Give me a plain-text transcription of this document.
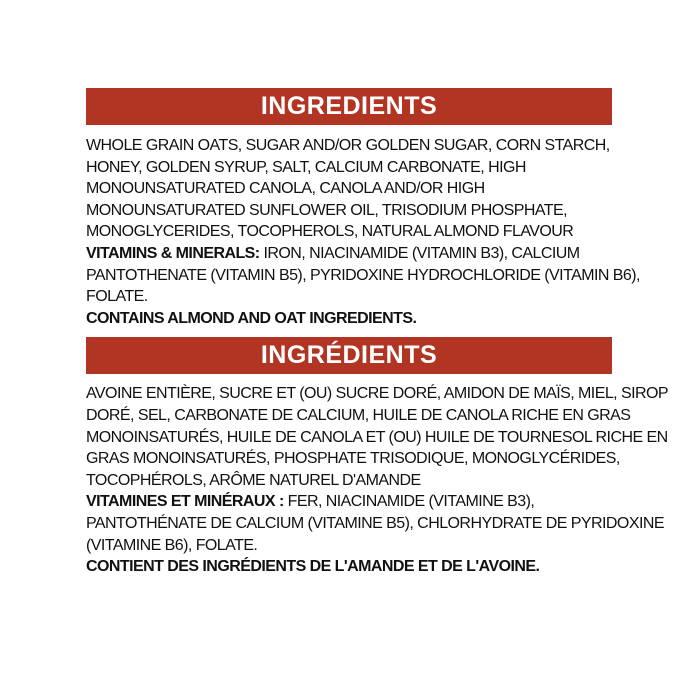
INGREDIENTS
WHOLE GRAIN OATS, SUGAR AND/OR GOLDEN SUGAR, CORN STARCH,
HONEY, GOLDEN SYRUP, SALT, CALCIUM CARBONATE, HIGH
MONOUNSATURATED CANOLA, CANOLA AND/OR HIGH
MONOUNSATURATED SUNFLOWER OIL, TRISODIUM PHOSPHATE,
MONOGLYCERIDES, TOCOPHEROLS, NATURAL ALMOND FLAVOUR
VITAMINS & MINERALS: IRON, NIACINAMIDE (VITAMIN B3), CALCIUM
PANTOTHENATE (VITAMIN B5), PYRIDOXINE HYDROCHLORIDE (VITAMIN B6),
FOLATE.
CONTAINS ALMOND AND OAT INGREDIENTS.
INGRÉDIENTS
AVOINE ENTIÈRE, SUCRE ET (OU) SUCRE DORÉ, AMIDON DE MAÏS, MIEL, SIROP
DORÉ, SEL, CARBONATE DE CALCIUM, HUILE DE CANOLA RICHE EN GRAS
MONOINSATURÉS, HUILE DE CANOLA ET (OU) HUILE DE TOURNESOL RICHE EN
GRAS MONOINSATURÉS, PHOSPHATE TRISODIQUE, MONOGLYCÉRIDES,
TOCOPHÉROLS, ARÔME NATUREL D'AMANDE
VITAMINES ET MINÉRAUX : FER, NIACINAMIDE (VITAMINE B3),
PANTOTHÉNATE DE CALCIUM (VITAMINE B5), CHLORHYDRATE DE PYRIDOXINE
(VITAMINE B6), FOLATE.
CONTIENT DES INGRÉDIENTS DE L'AMANDE ET DE L'AVOINE.
